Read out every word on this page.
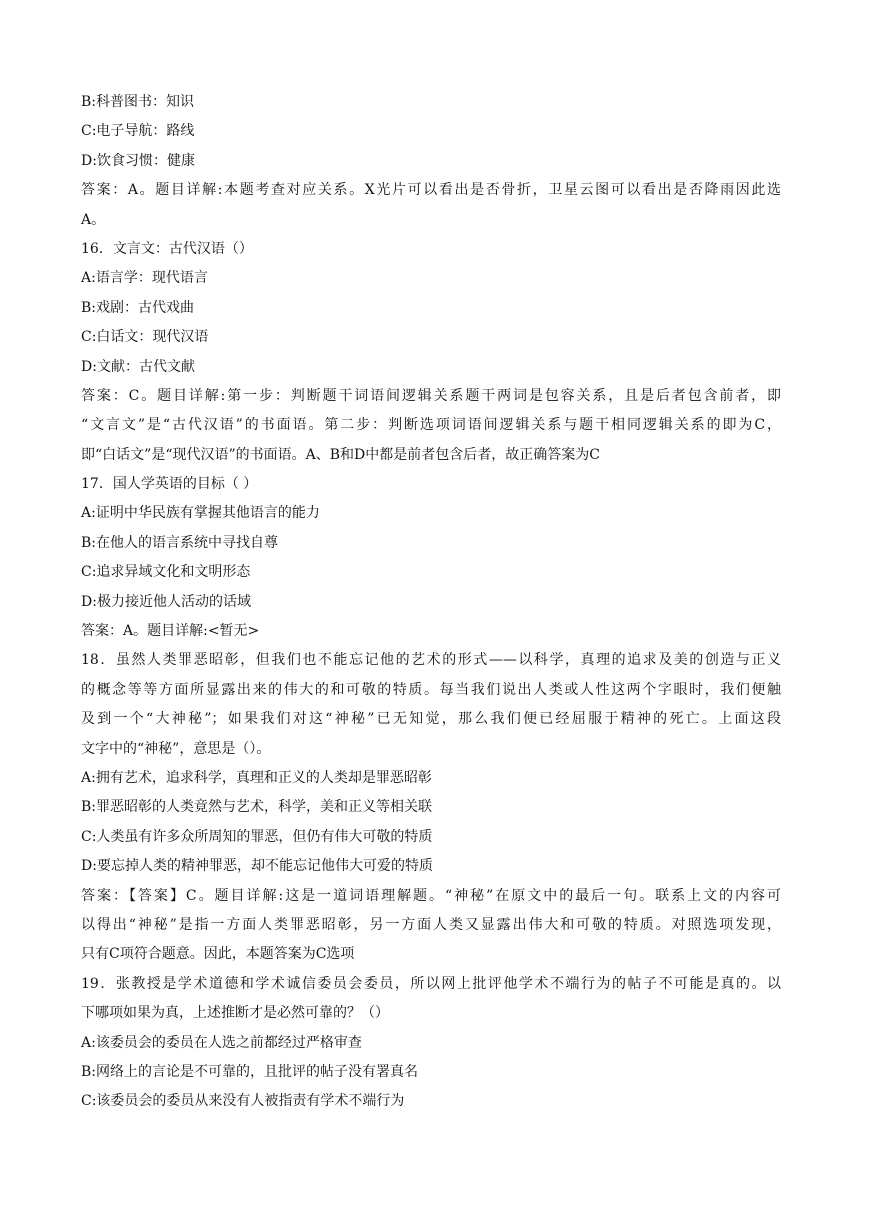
B:科普图书：知识
C:电子导航：路线
D:饮食习惯：健康
答案：A。题目详解:本题考查对应关系。X光片可以看出是否骨折，卫星云图可以看出是否降雨因此选
A。
16．文言文：古代汉语（）
A:语言学：现代语言
B:戏剧：古代戏曲
C:白话文：现代汉语
D:文献：古代文献
答案：C。题目详解:第一步：判断题干词语间逻辑关系题干两词是包容关系，且是后者包含前者，即
“文言文”是“古代汉语”的书面语。第二步：判断选项词语间逻辑关系与题干相同逻辑关系的即为C，
即“白话文”是“现代汉语”的书面语。A、B和D中都是前者包含后者，故正确答案为C
17．国人学英语的目标（ ）
A:证明中华民族有掌握其他语言的能力
B:在他人的语言系统中寻找自尊
C:追求异域文化和文明形态
D:极力接近他人活动的话域
答案：A。题目详解:<暂无>
18．虽然人类罪恶昭彰，但我们也不能忘记他的艺术的形式——以科学，真理的追求及美的创造与正义
的概念等等方面所显露出来的伟大的和可敬的特质。每当我们说出人类或人性这两个字眼时，我们便触
及到一个“大神秘”；如果我们对这“神秘”已无知觉，那么我们便已经屈服于精神的死亡。上面这段
文字中的“神秘”，意思是（）。
A:拥有艺术，追求科学，真理和正义的人类却是罪恶昭彰
B:罪恶昭彰的人类竟然与艺术，科学，美和正义等相关联
C:人类虽有许多众所周知的罪恶，但仍有伟大可敬的特质
D:要忘掉人类的精神罪恶，却不能忘记他伟大可爱的特质
答案：【答案】C。题目详解:这是一道词语理解题。“神秘”在原文中的最后一句。联系上文的内容可
以得出“神秘”是指一方面人类罪恶昭彰，另一方面人类又显露出伟大和可敬的特质。对照选项发现，
只有C项符合题意。因此，本题答案为C选项
19．张教授是学术道德和学术诚信委员会委员，所以网上批评他学术不端行为的帖子不可能是真的。以
下哪项如果为真，上述推断才是必然可靠的？（）
A:该委员会的委员在人选之前都经过严格审查
B:网络上的言论是不可靠的，且批评的帖子没有署真名
C:该委员会的委员从来没有人被指责有学术不端行为
